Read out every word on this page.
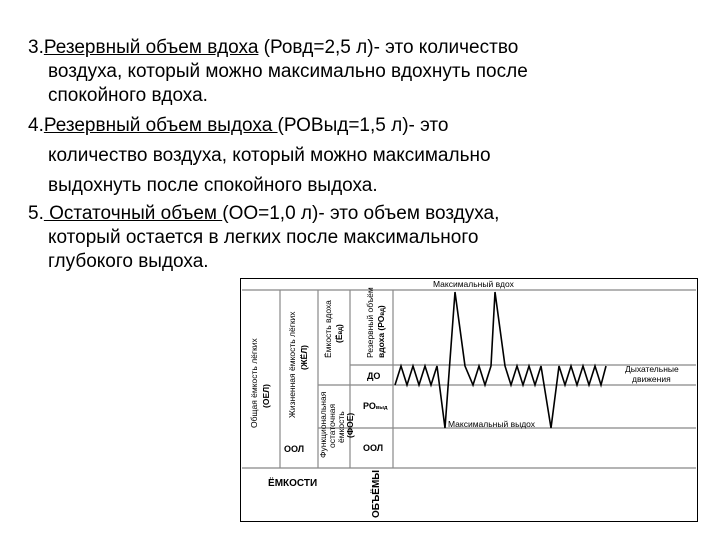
3.Резервный объем вдоха (Ровд=2,5 л)- это количество
воздуха, который можно максимально вдохнуть после
спокойного вдоха.
4.Резервный объем выдоха (РОВыд=1,5 л)- это
количество воздуха, который можно максимально
выдохнуть после спокойного выдоха.
5. Остаточный объем (ОО=1,0 л)- это объем воздуха,
который остается в легких после максимального
глубокого выдоха.
Общая ёмкость лёгких (ОЕЛ) Жизненная ёмкость лёгких (ЖЁЛ) Ёмкость вдоха (Ёвд)
Функциональная остаточная ёмкость (ФОЕ)
Резервный объём вдоха (РОвд)
ДО
РОвыд
ООЛ
ООЛ
ЁМКОСТИ	ОБЪЁМЫ
Максимальный вдох
Максимальный выдох
Дыхательные
движения
